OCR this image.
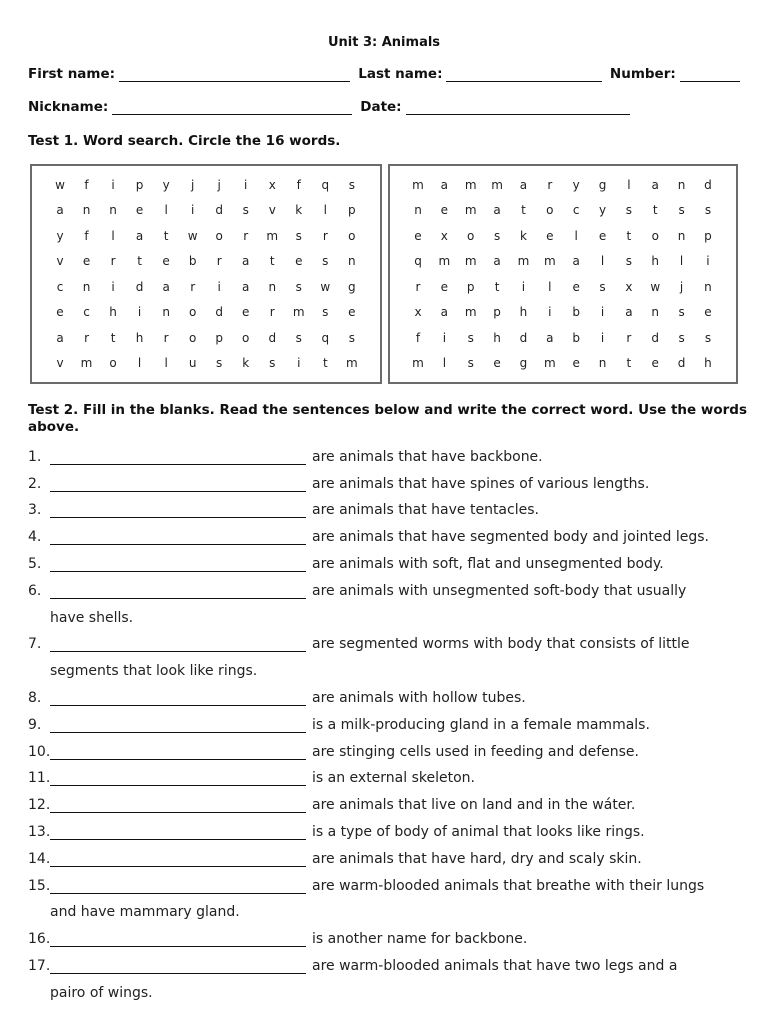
Unit 3: Animals
First name:	Last name:	Number:
Nickname:	Date:
Test 1. Word search. Circle the 16 words.
w	f	i	p	y	j	j	i	x	f	q	s
a	n	n	e	l	i	d	s	v	k	l	p
y	f	l	a	t	w	o	r	m	s	r	o
v	e	r	t	e	b	r	a	t	e	s	n
c	n	i	d	a	r	i	a	n	s	w	g
e	c	h	i	n	o	d	e	r	m	s	e
a	r	t	h	r	o	p	o	d	s	q	s
v	m	o	l	l	u	s	k	s	i	t	m
m	a	m	m	a	r	y	g	l	a	n	d
n	e	m	a	t	o	c	y	s	t	s	s
e	x	o	s	k	e	l	e	t	o	n	p
q	m	m	a	m	m	a	l	s	h	l	i
r	e	p	t	i	l	e	s	x	w	j	n
x	a	m	p	h	i	b	i	a	n	s	e
f	i	s	h	d	a	b	i	r	d	s	s
m	l	s	e	g	m	e	n	t	e	d	h
Test 2. Fill in the blanks. Read the sentences below and write the correct word. Use the words
above.
1.	are animals that have backbone.
2.	are animals that have spines of various lengths.
3.	are animals that have tentacles.
4.	are animals that have segmented body and jointed legs.
5.	are animals with soft, flat and unsegmented body.
6.	are animals with unsegmented soft-body that usually
have shells.
7.	are segmented worms with body that consists of little
segments that look like rings.
8.	are animals with hollow tubes.
9.	is a milk-producing gland in a female mammals.
10.	are stinging cells used in feeding and defense.
11.	is an external skeleton.
12.	are animals that live on land and in the wáter.
13.	is a type of body of animal that looks like rings.
14.	are animals that have hard, dry and scaly skin.
15.	are warm-blooded animals that breathe with their lungs
and have mammary gland.
16.	is another name for backbone.
17.	are warm-blooded animals that have two legs and a
pairo of wings.
